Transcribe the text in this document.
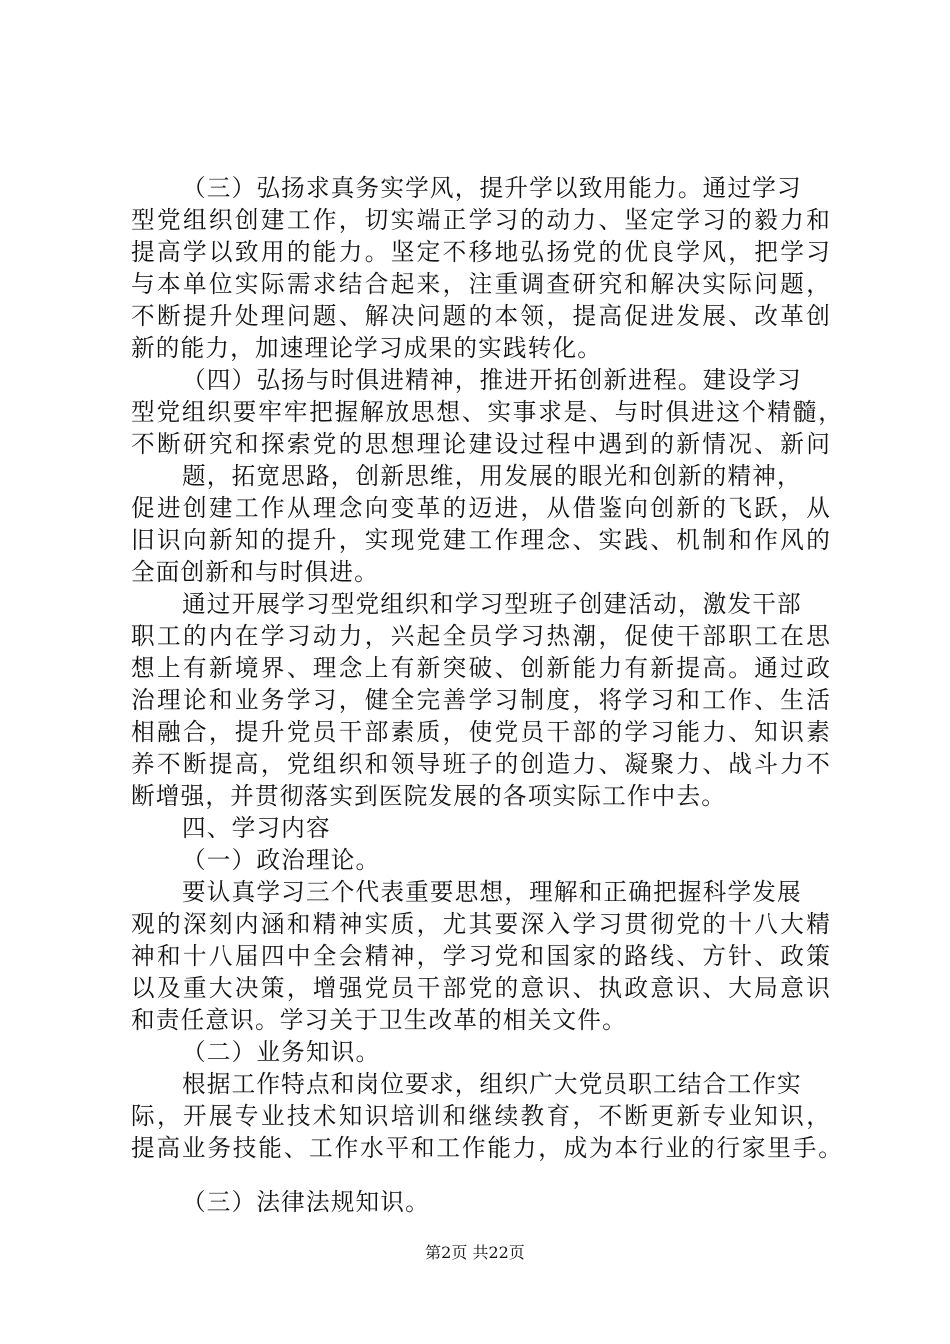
（三）弘扬求真务实学风，提升学以致用能力。通过学习
型党组织创建工作，切实端正学习的动力、坚定学习的毅力和
提高学以致用的能力。坚定不移地弘扬党的优良学风，把学习
与本单位实际需求结合起来，注重调查研究和解决实际问题，
不断提升处理问题、解决问题的本领，提高促进发展、改革创
新的能力，加速理论学习成果的实践转化。
（四）弘扬与时俱进精神，推进开拓创新进程。建设学习
型党组织要牢牢把握解放思想、实事求是、与时俱进这个精髓，
不断研究和探索党的思想理论建设过程中遇到的新情况、新问
题，拓宽思路，创新思维，用发展的眼光和创新的精神，
促进创建工作从理念向变革的迈进，从借鉴向创新的飞跃，从
旧识向新知的提升，实现党建工作理念、实践、机制和作风的
全面创新和与时俱进。
通过开展学习型党组织和学习型班子创建活动，激发干部
职工的内在学习动力，兴起全员学习热潮，促使干部职工在思
想上有新境界、理念上有新突破、创新能力有新提高。通过政
治理论和业务学习，健全完善学习制度，将学习和工作、生活
相融合，提升党员干部素质，使党员干部的学习能力、知识素
养不断提高，党组织和领导班子的创造力、凝聚力、战斗力不
断增强，并贯彻落实到医院发展的各项实际工作中去。
四、学习内容
（一）政治理论。
要认真学习三个代表重要思想，理解和正确把握科学发展
观的深刻内涵和精神实质，尤其要深入学习贯彻党的十八大精
神和十八届四中全会精神，学习党和国家的路线、方针、政策
以及重大决策，增强党员干部党的意识、执政意识、大局意识
和责任意识。学习关于卫生改革的相关文件。
（二）业务知识。
根据工作特点和岗位要求，组织广大党员职工结合工作实
际，开展专业技术知识培训和继续教育，不断更新专业知识，
提高业务技能、工作水平和工作能力，成为本行业的行家里手。
（三）法律法规知识。
第2页 共22页
